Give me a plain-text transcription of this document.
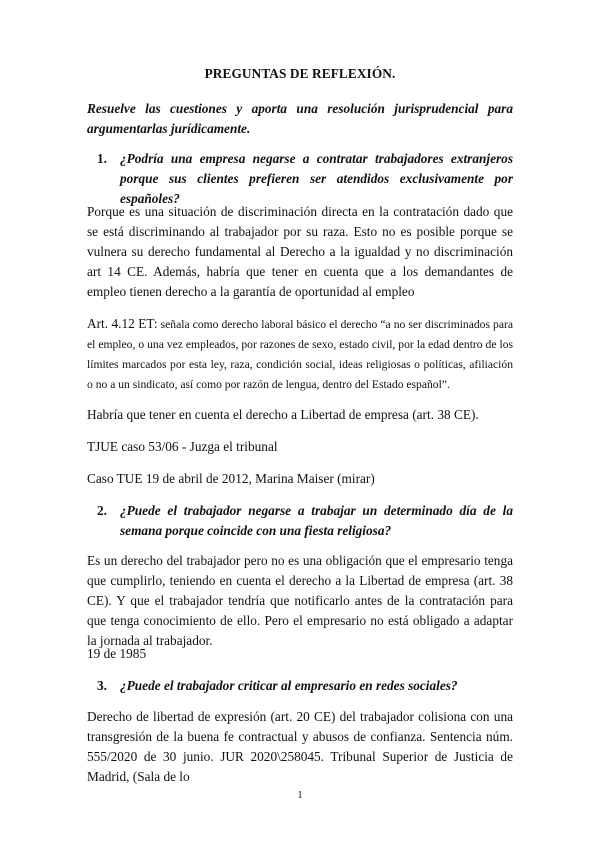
PREGUNTAS DE REFLEXIÓN.
Resuelve las cuestiones y aporta una resolución jurisprudencial para argumentarlas jurídicamente.
1. ¿Podría una empresa negarse a contratar trabajadores extranjeros porque sus clientes prefieren ser atendidos exclusivamente por españoles?
Porque es una situación de discriminación directa en la contratación dado que se está discriminando al trabajador por su raza. Esto no es posible porque se vulnera su derecho fundamental al Derecho a la igualdad y no discriminación art 14 CE. Además, habría que tener en cuenta que a los demandantes de empleo tienen derecho a la garantía de oportunidad al empleo
Art. 4.12 ET: señala como derecho laboral básico el derecho “a no ser discriminados para el empleo, o una vez empleados, por razones de sexo, estado civil, por la edad dentro de los límites marcados por esta ley, raza, condición social, ideas religiosas o políticas, afiliación o no a un sindicato, así como por razón de lengua, dentro del Estado español”.
Habría que tener en cuenta el derecho a Libertad de empresa (art. 38 CE).
TJUE caso 53/06 - Juzga el tribunal
Caso TUE 19 de abril de 2012, Marina Maiser (mirar)
2. ¿Puede el trabajador negarse a trabajar un determinado día de la semana porque coincide con una fiesta religiosa?
Es un derecho del trabajador pero no es una obligación que el empresario tenga que cumplirlo, teniendo en cuenta el derecho a la Libertad de empresa (art. 38 CE). Y que el trabajador tendría que notificarlo antes de la contratación para que tenga conocimiento de ello. Pero el empresario no está obligado a adaptar la jornada al trabajador.
19 de 1985
3. ¿Puede el trabajador criticar al empresario en redes sociales?
Derecho de libertad de expresión (art. 20 CE) del trabajador colisiona con una transgresión de la buena fe contractual y abusos de confianza. Sentencia núm. 555/2020 de 30 junio. JUR 2020\258045. Tribunal Superior de Justicia de Madrid, (Sala de lo
1
